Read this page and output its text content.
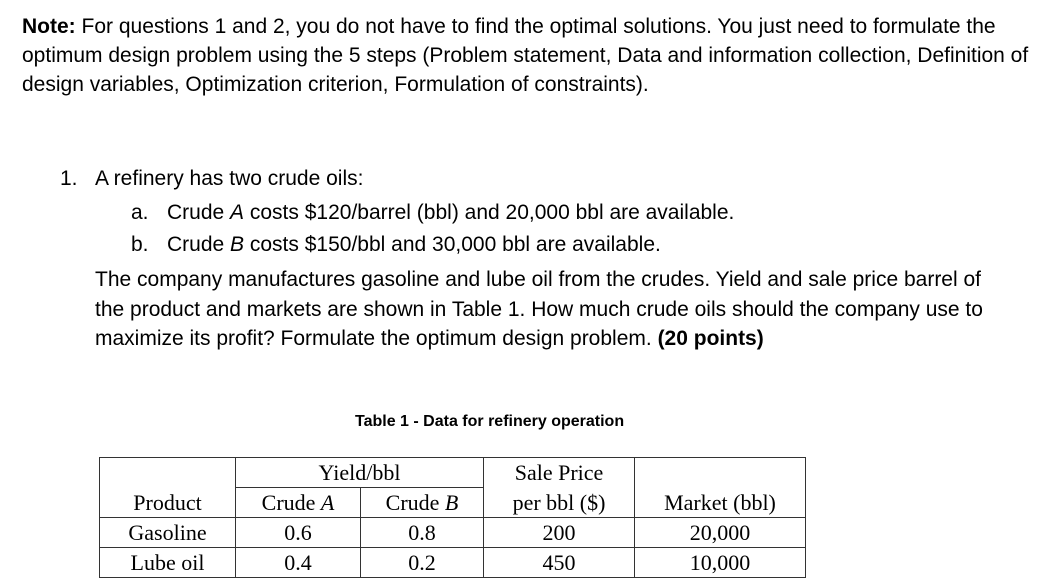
Note: For questions 1 and 2, you do not have to find the optimal solutions. You just need to formulate the optimum design problem using the 5 steps (Problem statement, Data and information collection, Definition of design variables, Optimization criterion, Formulation of constraints).

1. A refinery has two crude oils:
a. Crude A costs $120/barrel (bbl) and 20,000 bbl are available.
b. Crude B costs $150/bbl and 30,000 bbl are available.

The company manufactures gasoline and lube oil from the crudes. Yield and sale price barrel of the product and markets are shown in Table 1. How much crude oils should the company use to maximize its profit? Formulate the optimum design problem. (20 points)

Table 1 - Data for refinery operation
	Yield/bbl		Sale Price	
Product	Crude A	Crude B	per bbl ($)	Market (bbl)
Gasoline	0.6	0.8	200	20,000
Lube oil	0.4	0.2	450	10,000
